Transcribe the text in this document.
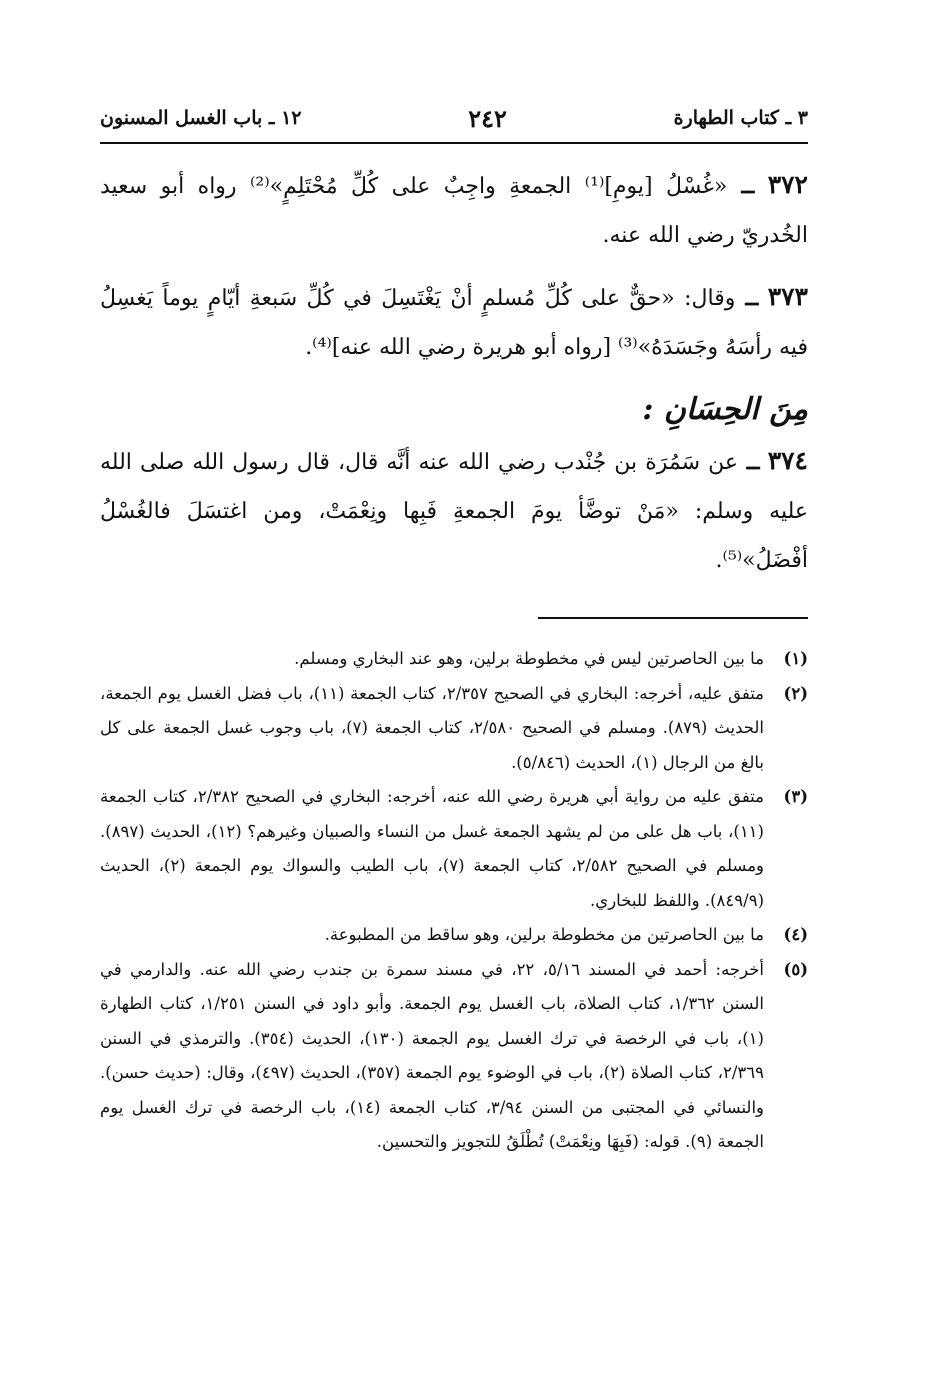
٣ ـ كتاب الطهارة
٢٤٢
١٢ ـ باب الغسل المسنون

٣٧٢ ــ «غُسْلُ [يومِ]⁽¹⁾ الجمعةِ واجِبٌ على كُلِّ مُحْتَلِمٍ»⁽²⁾ رواه أبو سعيد الخُدريّ رضي الله عنه.

٣٧٣ ــ وقال: «حقٌّ على كُلِّ مُسلمٍ أنْ يَغْتَسِلَ في كُلِّ سَبعةِ أيّامٍ يوماً يَغسِلُ فيه رأسَهُ وجَسَدَهُ»⁽³⁾ [رواه أبو هريرة رضي الله عنه]⁽⁴⁾.

مِنَ الحِسَانِ :

٣٧٤ ــ عن سَمُرَة بن جُنْدب رضي الله عنه أنَّه قال، قال رسول الله صلى الله عليه وسلم: «مَنْ توضَّأ يومَ الجمعةِ فَبِها ونِعْمَتْ، ومن اغتسَلَ فالغُسْلُ أفْضَلُ»⁽⁵⁾.

(١)
ما بين الحاصرتين ليس في مخطوطة برلين، وهو عند البخاري ومسلم.
(٢)
متفق عليه، أخرجه: البخاري في الصحيح ٢/٣٥٧، كتاب الجمعة (١١)، باب فضل الغسل يوم الجمعة، الحديث (٨٧٩). ومسلم في الصحيح ٢/٥٨٠، كتاب الجمعة (٧)، باب وجوب غسل الجمعة على كل بالغ من الرجال (١)، الحديث (٥/٨٤٦).
(٣)
متفق عليه من رواية أبي هريرة رضي الله عنه، أخرجه: البخاري في الصحيح ٢/٣٨٢، كتاب الجمعة (١١)، باب هل على من لم يشهد الجمعة غسل من النساء والصبيان وغيرهم؟ (١٢)، الحديث (٨٩٧). ومسلم في الصحيح ٢/٥٨٢، كتاب الجمعة (٧)، باب الطيب والسواك يوم الجمعة (٢)، الحديث (٨٤٩/٩). واللفظ للبخاري.
(٤)
ما بين الحاصرتين من مخطوطة برلين، وهو ساقط من المطبوعة.
(٥)
أخرجه: أحمد في المسند ٥/١٦، ٢٢، في مسند سمرة بن جندب رضي الله عنه. والدارمي في السنن ١/٣٦٢، كتاب الصلاة، باب الغسل يوم الجمعة. وأبو داود في السنن ١/٢٥١، كتاب الطهارة (١)، باب في الرخصة في ترك الغسل يوم الجمعة (١٣٠)، الحديث (٣٥٤). والترمذي في السنن ٢/٣٦٩، كتاب الصلاة (٢)، باب في الوضوء يوم الجمعة (٣٥٧)، الحديث (٤٩٧)، وقال: (حديث حسن). والنسائي في المجتبى من السنن ٣/٩٤، كتاب الجمعة (١٤)، باب الرخصة في ترك الغسل يوم الجمعة (٩). قوله: (فَبِهَا ونِعْمَتْ) تُطْلَقُ للتجويز والتحسين.
